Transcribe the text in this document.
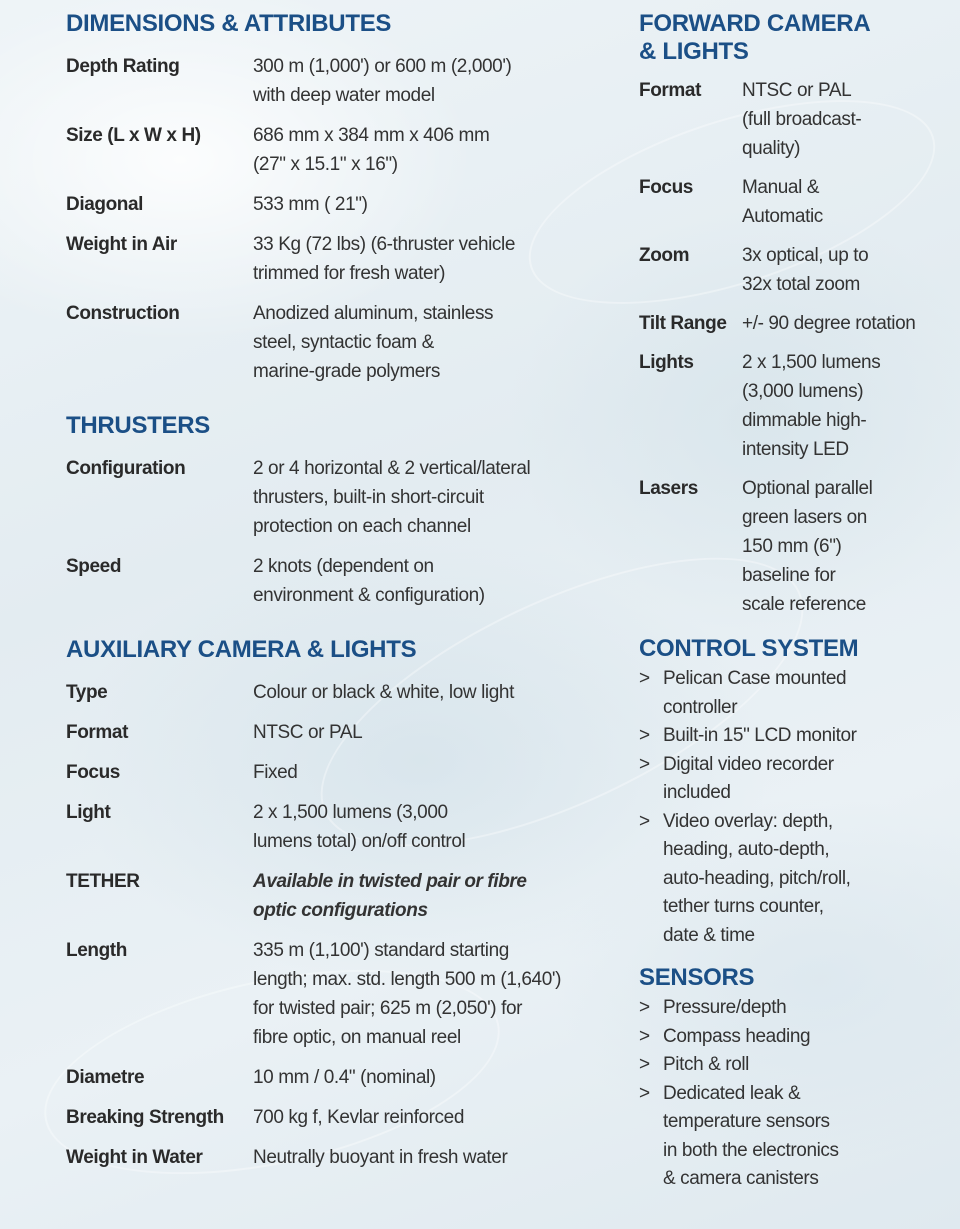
DIMENSIONS & ATTRIBUTES
Depth Rating	300 m (1,000') or 600 m (2,000')
with deep water model
Size (L x W x H)	686 mm x 384 mm x 406 mm
(27" x 15.1" x 16")
Diagonal	533 mm ( 21")
Weight in Air	33 Kg (72 lbs) (6-thruster vehicle
trimmed for fresh water)
Construction	Anodized aluminum, stainless
steel, syntactic foam &
marine-grade polymers
THRUSTERS
Configuration	2 or 4 horizontal & 2 vertical/lateral
thrusters, built-in short-circuit
protection on each channel
Speed	2 knots (dependent on
environment & configuration)
AUXILIARY CAMERA & LIGHTS
Type	Colour or black & white, low light
Format	NTSC or PAL
Focus	Fixed
Light	2 x 1,500 lumens (3,000
lumens total) on/off control
TETHER	Available in twisted pair or fibre
optic configurations
Length	335 m (1,100') standard starting
length; max. std. length 500 m (1,640')
for twisted pair; 625 m (2,050') for
fibre optic, on manual reel
Diametre	10 mm / 0.4" (nominal)
Breaking Strength	700 kg f, Kevlar reinforced
Weight in Water	Neutrally buoyant in fresh water
FORWARD CAMERA
& LIGHTS
Format	NTSC or PAL
(full broadcast-
quality)
Focus	Manual &
Automatic
Zoom	3x optical, up to
32x total zoom
Tilt Range +/- 90 degree rotation
Lights	2 x 1,500 lumens
(3,000 lumens)
dimmable high-
intensity LED
Lasers	Optional parallel
green lasers on
150 mm (6")
baseline for
scale reference
CONTROL SYSTEM
> Pelican Case mounted
controller
> Built-in 15" LCD monitor
> Digital video recorder
included
> Video overlay: depth,
heading, auto-depth,
auto-heading, pitch/roll,
tether turns counter,
date & time
SENSORS
> Pressure/depth
> Compass heading
> Pitch & roll
> Dedicated leak &
temperature sensors
in both the electronics
& camera canisters
